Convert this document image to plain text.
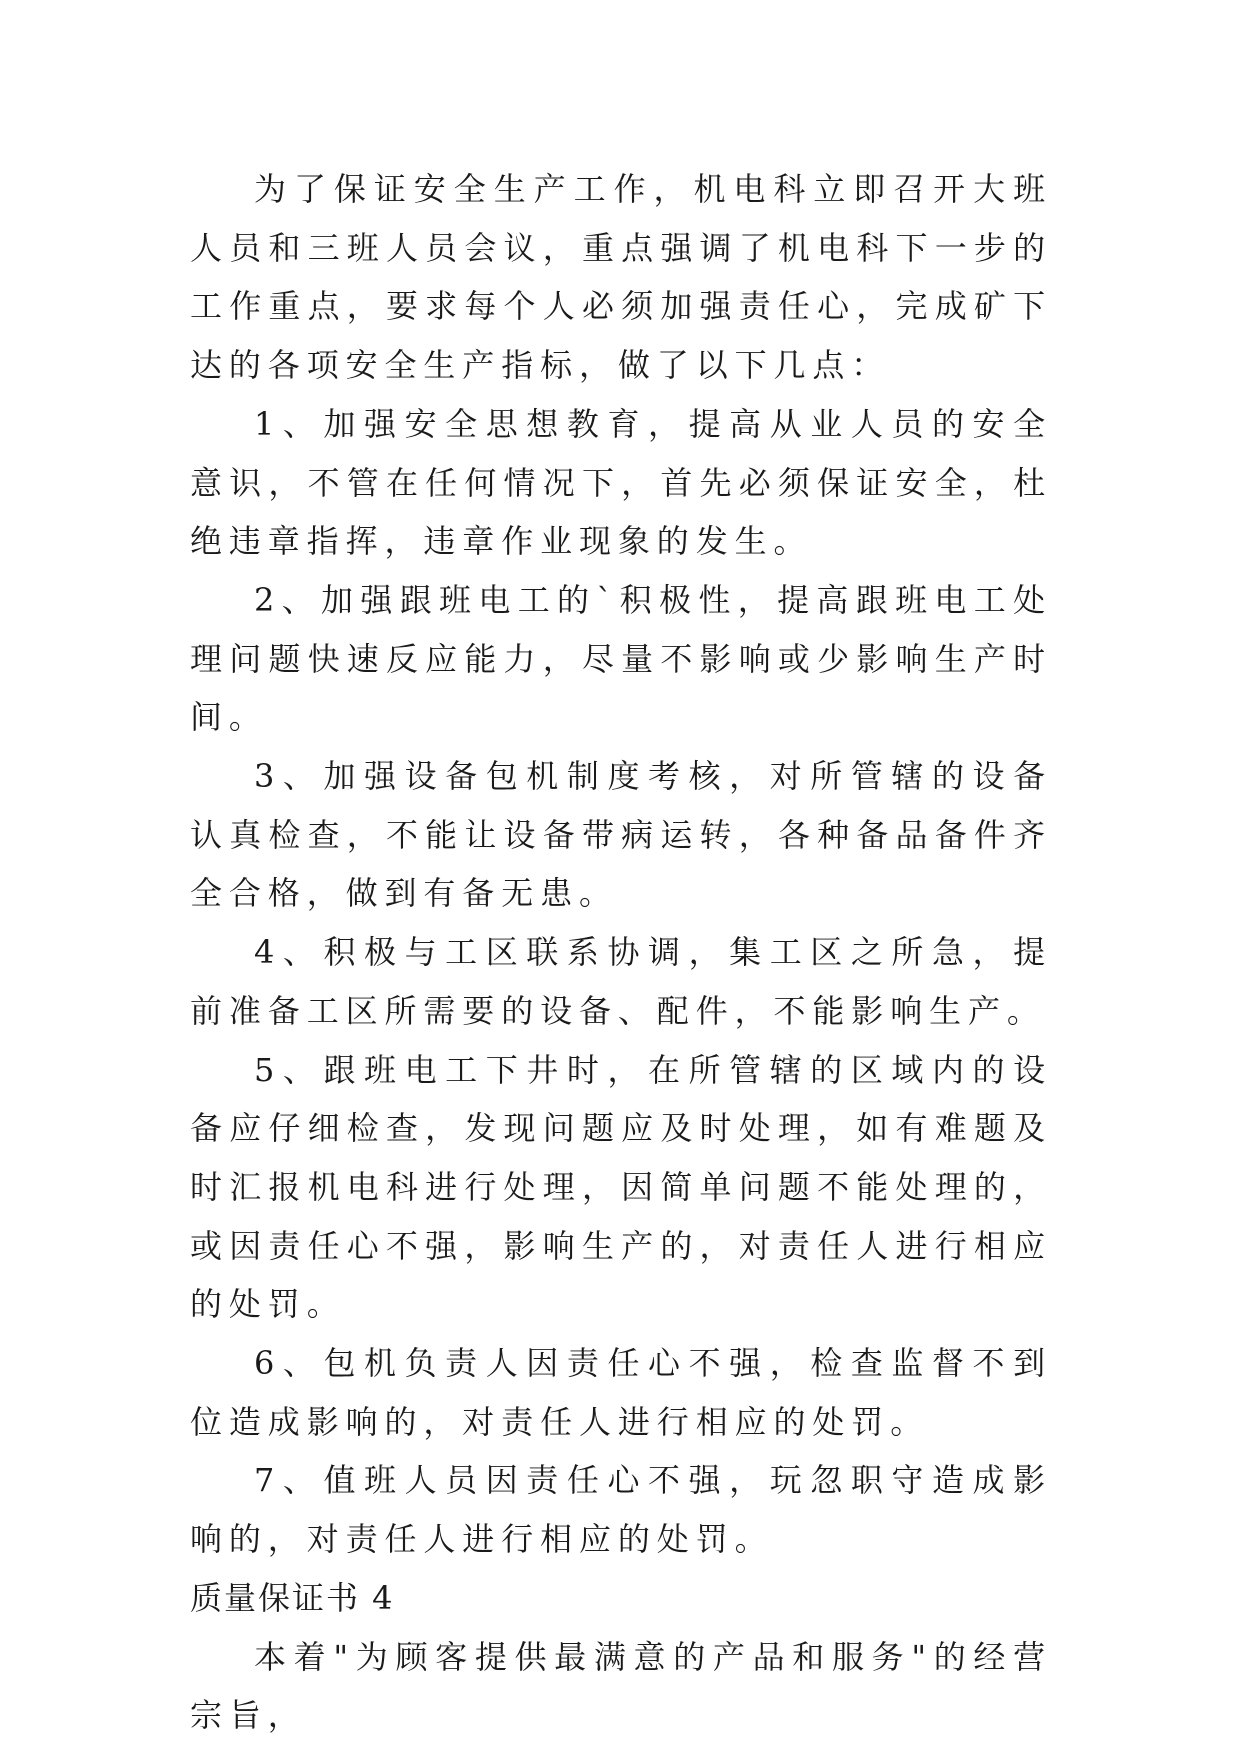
为了保证安全生产工作，机电科立即召开大班人员和三班人员会议，重点强调了机电科下一步的工作重点，要求每个人必须加强责任心，完成矿下达的各项安全生产指标，做了以下几点：

1、加强安全思想教育，提高从业人员的安全意识，不管在任何情况下，首先必须保证安全，杜绝违章指挥，违章作业现象的发生。

2、加强跟班电工的`积极性，提高跟班电工处理问题快速反应能力，尽量不影响或少影响生产时间。

3、加强设备包机制度考核，对所管辖的设备认真检查，不能让设备带病运转，各种备品备件齐全合格，做到有备无患。

4、积极与工区联系协调，集工区之所急，提前准备工区所需要的设备、配件，不能影响生产。

5、跟班电工下井时，在所管辖的区域内的设备应仔细检查，发现问题应及时处理，如有难题及时汇报机电科进行处理，因简单问题不能处理的，或因责任心不强，影响生产的，对责任人进行相应的处罚。

6、包机负责人因责任心不强，检查监督不到位造成影响的，对责任人进行相应的处罚。

7、值班人员因责任心不强，玩忽职守造成影响的，对责任人进行相应的处罚。

质量保证书 4

本着"为顾客提供最满意的产品和服务"的经营宗旨，
